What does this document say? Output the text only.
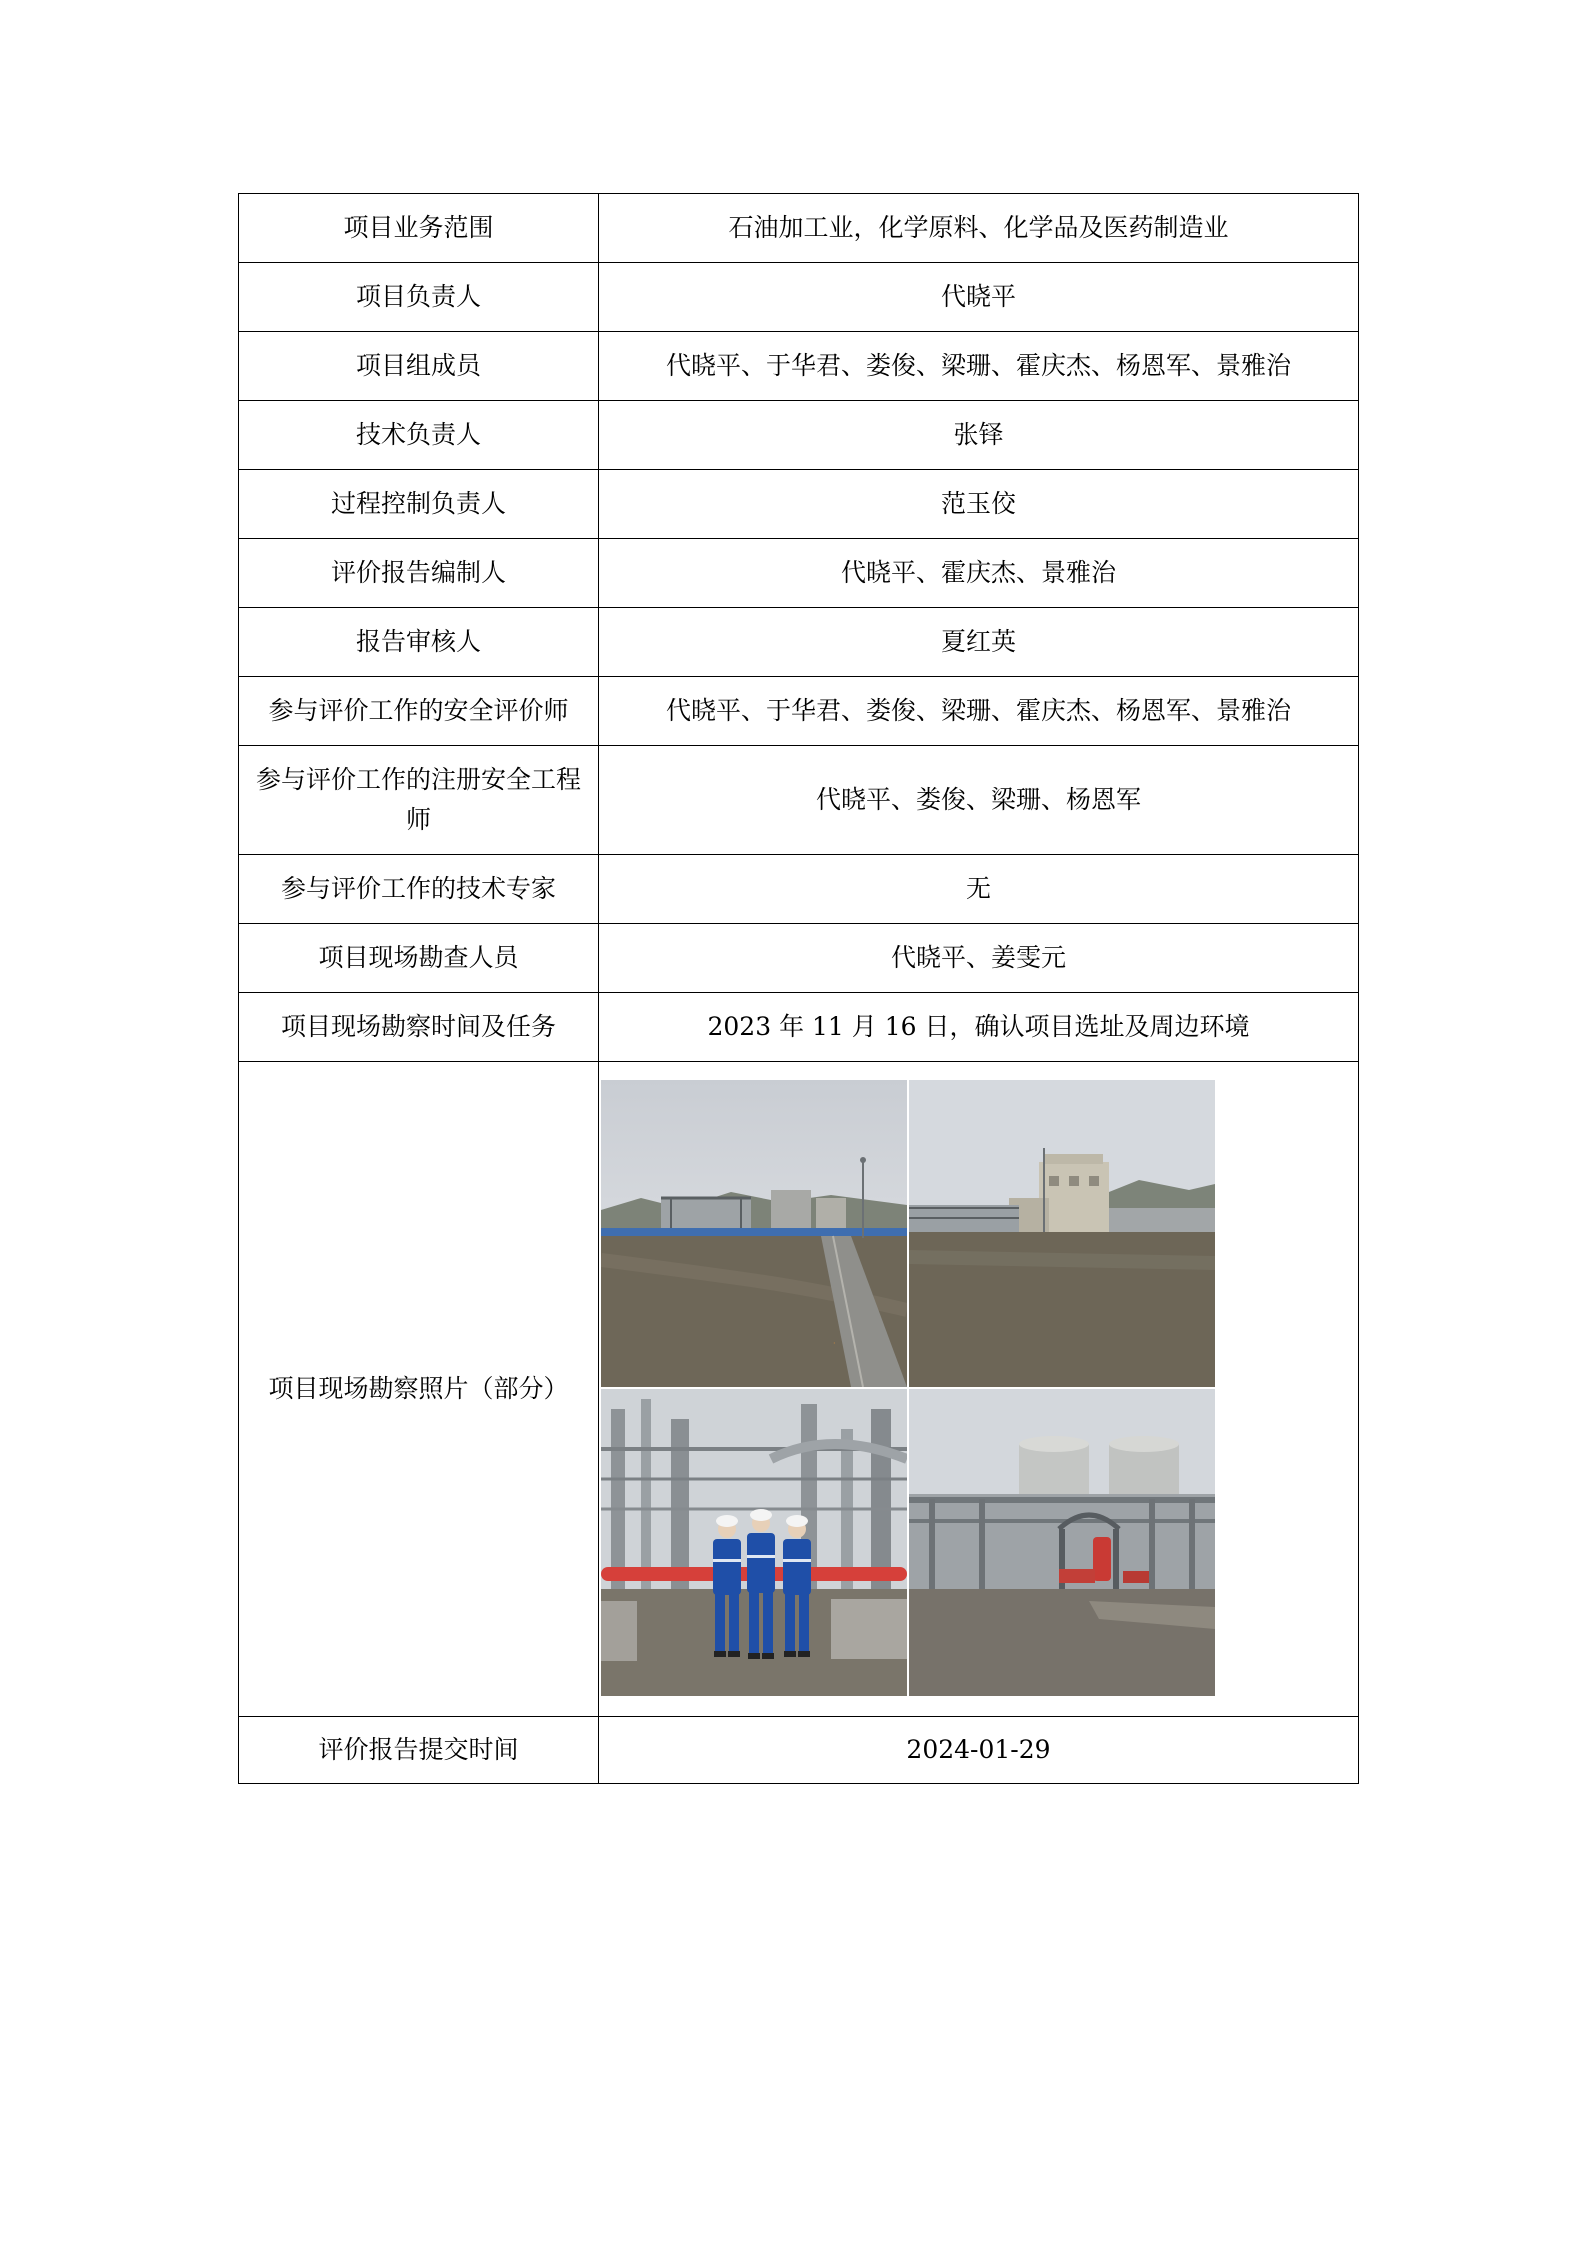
项目业务范围	石油加工业，化学原料、化学品及医药制造业
项目负责人	代晓平
项目组成员	代晓平、于华君、娄俊、梁珊、霍庆杰、杨恩军、景雅治
技术负责人	张铎
过程控制负责人	范玉佼
评价报告编制人	代晓平、霍庆杰、景雅治
报告审核人	夏红英
参与评价工作的安全评价师	代晓平、于华君、娄俊、梁珊、霍庆杰、杨恩军、景雅治
参与评价工作的注册安全工程师	代晓平、娄俊、梁珊、杨恩军
参与评价工作的技术专家	无
项目现场勘查人员	代晓平、姜雯元
项目现场勘察时间及任务	2023 年 11 月 16 日，确认项目选址及周边环境
项目现场勘察照片（部分）	·

评价报告提交时间	2024-01-29
